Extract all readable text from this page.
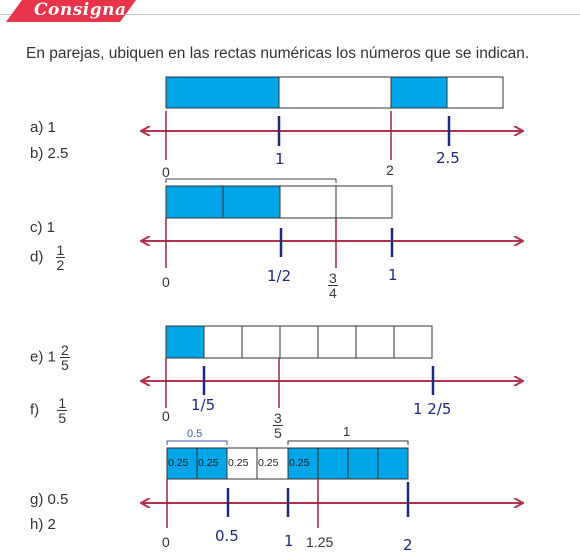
Consigna
En parejas, ubiquen en las rectas numéricas los números que se indican.
a) 1
b) 2.5
c) 1
$d) \frac{1}{2}$
e) $1 \frac{2}{5}$
$f) \frac{1}{5}$
g) 0.5
h) 2
0
1
2
2.5
0	1/2	$\frac{3}{4}$	1
0
1/5
$\frac{3}{5}$
1 2/5
0.5	1
0.25 0.25 0.25 0.25 0.25
0	0.5	1 1.25	2
